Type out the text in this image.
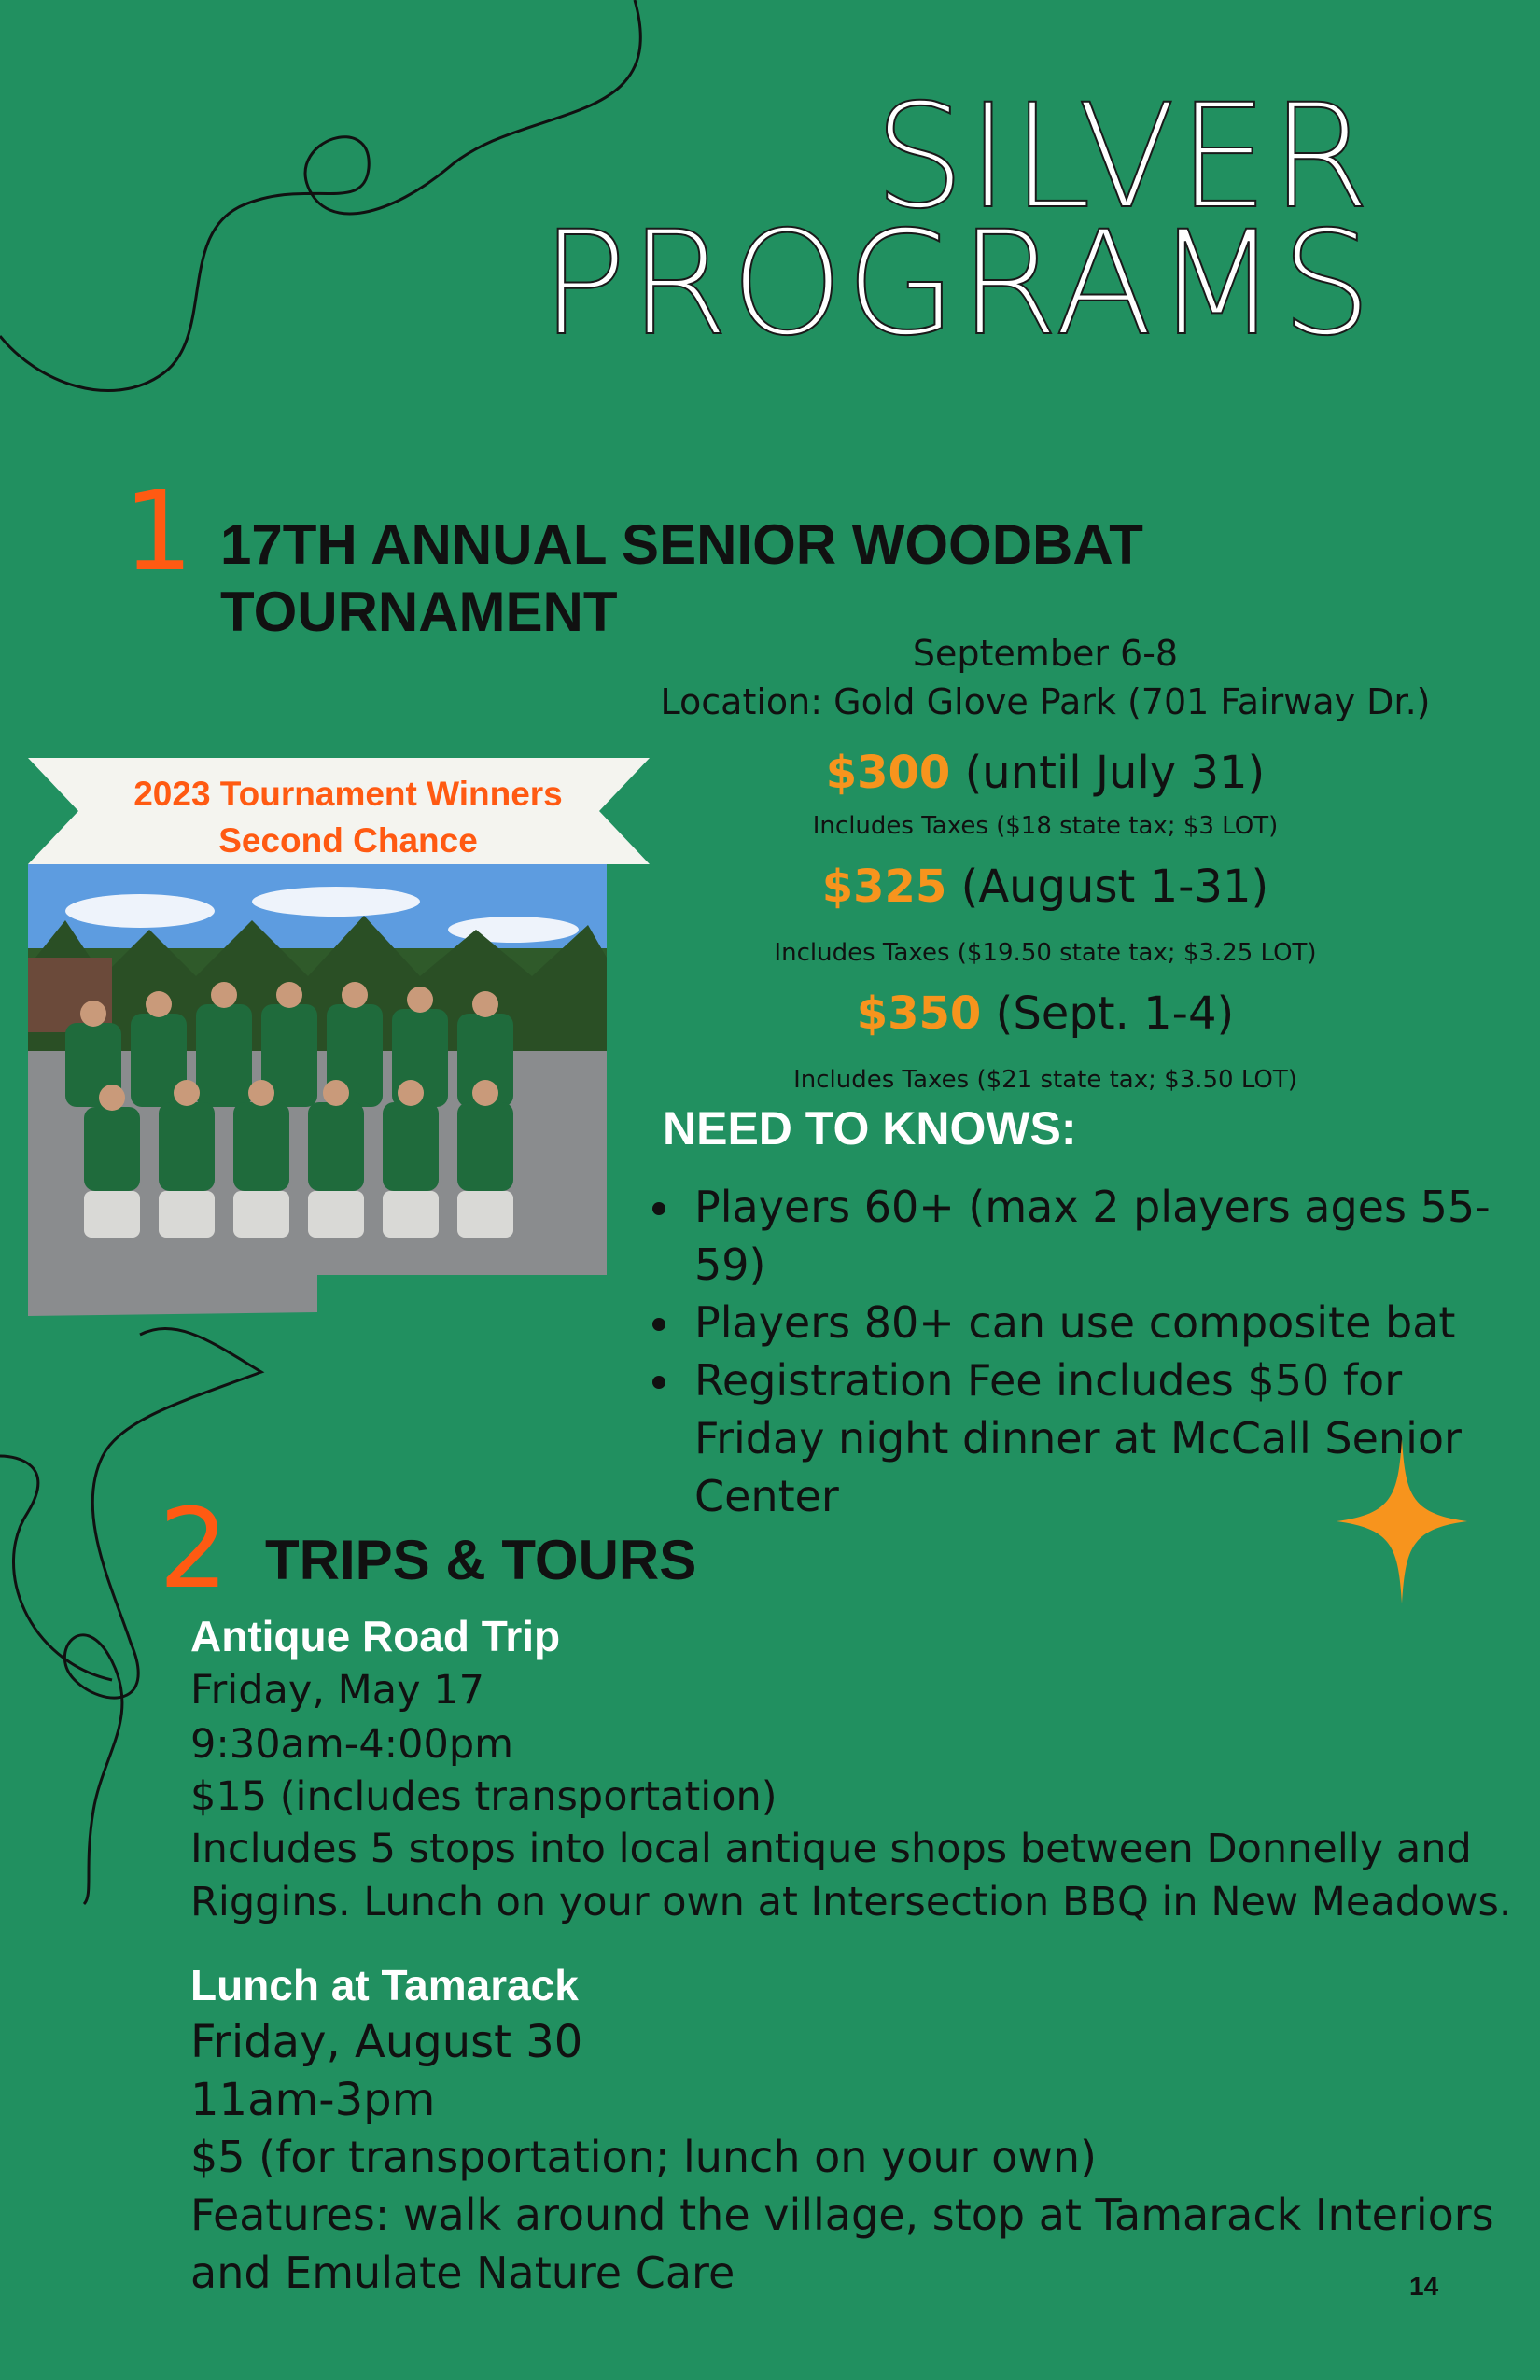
SILVER
PROGRAMS
1 17TH ANNUAL SENIOR WOODBAT TOURNAMENT
September 6-8
Location: Gold Glove Park (701 Fairway Dr.)
$300 (until July 31)
Includes Taxes ($18 state tax; $3 LOT)
$325 (August 1-31)
Includes Taxes ($19.50 state tax; $3.25 LOT)
$350 (Sept. 1-4)
Includes Taxes ($21 state tax; $3.50 LOT)
NEED TO KNOWS:
• Players 60+ (max 2 players ages 55-59)
• Players 80+ can use composite bat
• Registration Fee includes $50 for Friday night dinner at McCall Senior Center
2023 Tournament Winners
Second Chance
2 TRIPS & TOURS
Antique Road Trip
Friday, May 17
9:30am-4:00pm
$15 (includes transportation)
Includes 5 stops into local antique shops between Donnelly and
Riggins. Lunch on your own at Intersection BBQ in New Meadows.
Lunch at Tamarack
Friday, August 30
11am-3pm
$5 (for transportation; lunch on your own)
Features: walk around the village, stop at Tamarack Interiors
and Emulate Nature Care	14
